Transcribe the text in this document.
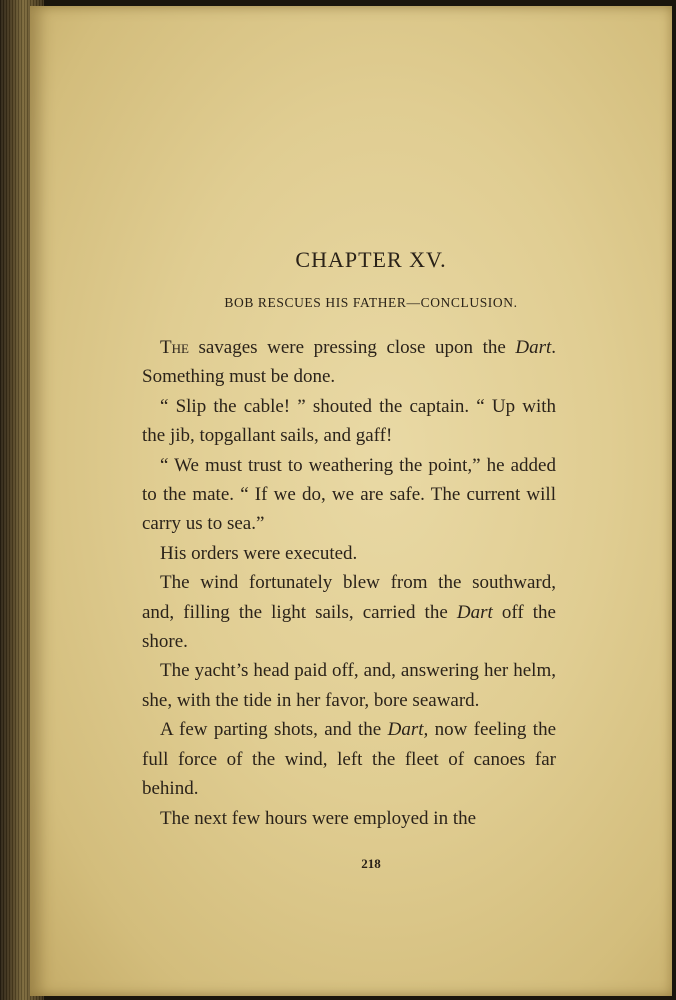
CHAPTER XV.
BOB RESCUES HIS FATHER—CONCLUSION.

The savages were pressing close upon the Dart. Something must be done.

“ Slip the cable! ” shouted the captain. “ Up with the jib, topgallant sails, and gaff!

“ We must trust to weathering the point,” he added to the mate. “ If we do, we are safe. The current will carry us to sea.”

His orders were executed.

The wind fortunately blew from the southward, and, filling the light sails, carried the Dart off the shore.

The yacht’s head paid off, and, answering her helm, she, with the tide in her favor, bore seaward.

A few parting shots, and the Dart, now feeling the full force of the wind, left the fleet of canoes far behind.

The next few hours were employed in the

218
